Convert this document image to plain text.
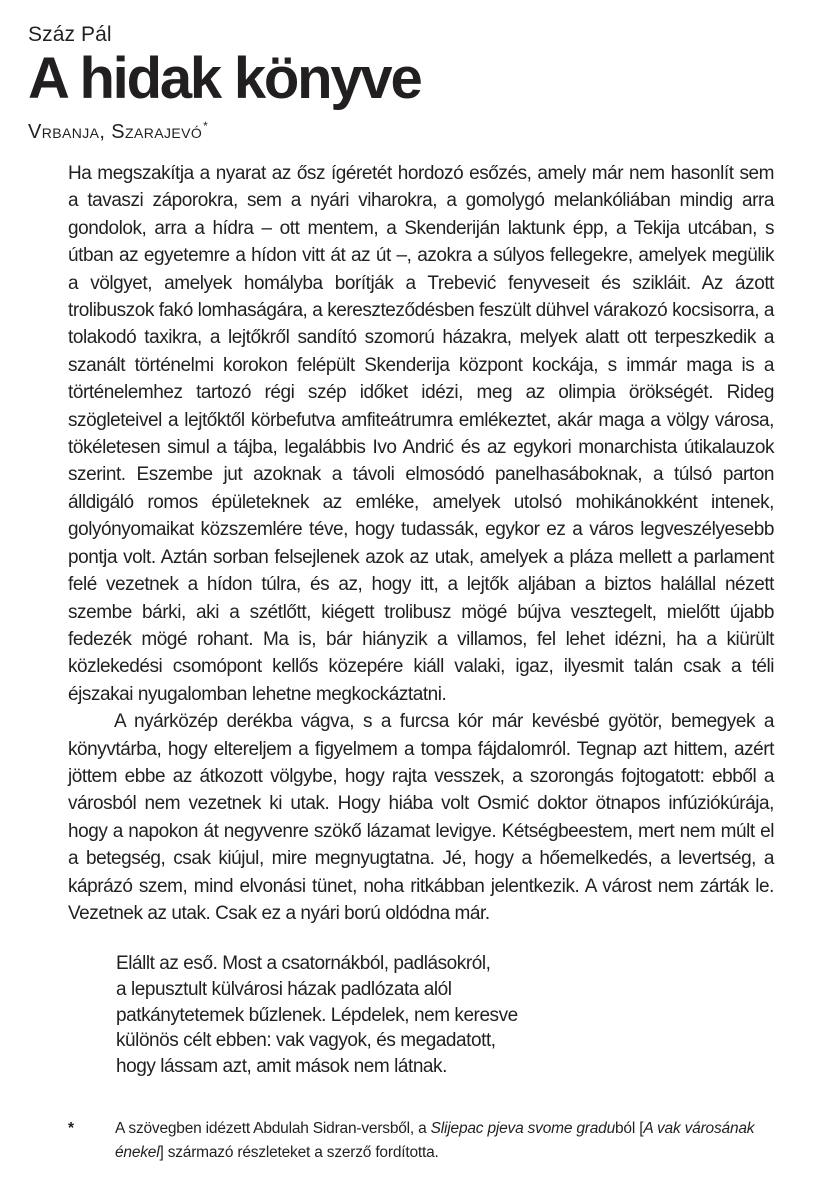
Száz Pál
A hidak könyve
Vrbanja, Szarajevó*

Ha megszakítja a nyarat az ősz ígéretét hordozó esőzés, amely már nem hasonlít sem a tavaszi záporokra, sem a nyári viharokra, a gomolygó melankóliában mindig arra gondolok, arra a hídra – ott mentem, a Skenderiján laktunk épp, a Tekija utcában, s útban az egyetemre a hídon vitt át az út –, azokra a súlyos fellegekre, amelyek megülik a völgyet, amelyek homályba borítják a Trebević fenyveseit és szikláit. Az ázott trolibuszok fakó lomhaságára, a kereszteződésben feszült dühvel várakozó kocsisorra, a tolakodó taxikra, a lejtőkről sandító szomorú házakra, melyek alatt ott terpeszkedik a szanált történelmi korokon felépült Skenderija központ kockája, s immár maga is a történelemhez tartozó régi szép időket idézi, meg az olimpia örökségét. Rideg szögleteivel a lejtőktől körbefutva amfiteátrumra emlékeztet, akár maga a völgy városa, tökéletesen simul a tájba, legalábbis Ivo Andrić és az egykori monarchista útikalauzok szerint. Eszembe jut azoknak a távoli elmosódó panelhasáboknak, a túlsó parton álldigáló romos épületeknek az emléke, amelyek utolsó mohikánokként intenek, golyónyomaikat közszemlére téve, hogy tudassák, egykor ez a város legveszélyesebb pontja volt. Aztán sorban felsejlenek azok az utak, amelyek a pláza mellett a parlament felé vezetnek a hídon túlra, és az, hogy itt, a lejtők aljában a biztos halállal nézett szembe bárki, aki a szétlőtt, kiégett trolibusz mögé bújva vesztegelt, mielőtt újabb fedezék mögé rohant. Ma is, bár hiányzik a villamos, fel lehet idézni, ha a kiürült közlekedési csomópont kellős közepére kiáll valaki, igaz, ilyesmit talán csak a téli éjszakai nyugalomban lehetne megkockáztatni.

A nyárközép derékba vágva, s a furcsa kór már kevésbé gyötör, bemegyek a könyvtárba, hogy eltereljem a figyelmem a tompa fájdalomról. Tegnap azt hittem, azért jöttem ebbe az átkozott völgybe, hogy rajta vesszek, a szorongás fojtogatott: ebből a városból nem vezetnek ki utak. Hogy hiába volt Osmić doktor ötnapos infúziókúrája, hogy a napokon át negyvenre szökő lázamat levigye. Kétségbeestem, mert nem múlt el a betegség, csak kiújul, mire megnyugtatna. Jé, hogy a hőemelkedés, a levertség, a káprázó szem, mind elvonási tünet, noha ritkábban jelentkezik. A várost nem zárták le. Vezetnek az utak. Csak ez a nyári ború oldódna már.

Elállt az eső. Most a csatornákból, padlásokról,
a lepusztult külvárosi házak padlózata alól
patkánytetemek bűzlenek. Lépdelek, nem keresve
különös célt ebben: vak vagyok, és megadatott,
hogy lássam azt, amit mások nem látnak.
*	A szövegben idézett Abdulah Sidran-versből, a Slijepac pjeva svome graduból [A vak városának énekel] származó részleteket a szerző fordította.
